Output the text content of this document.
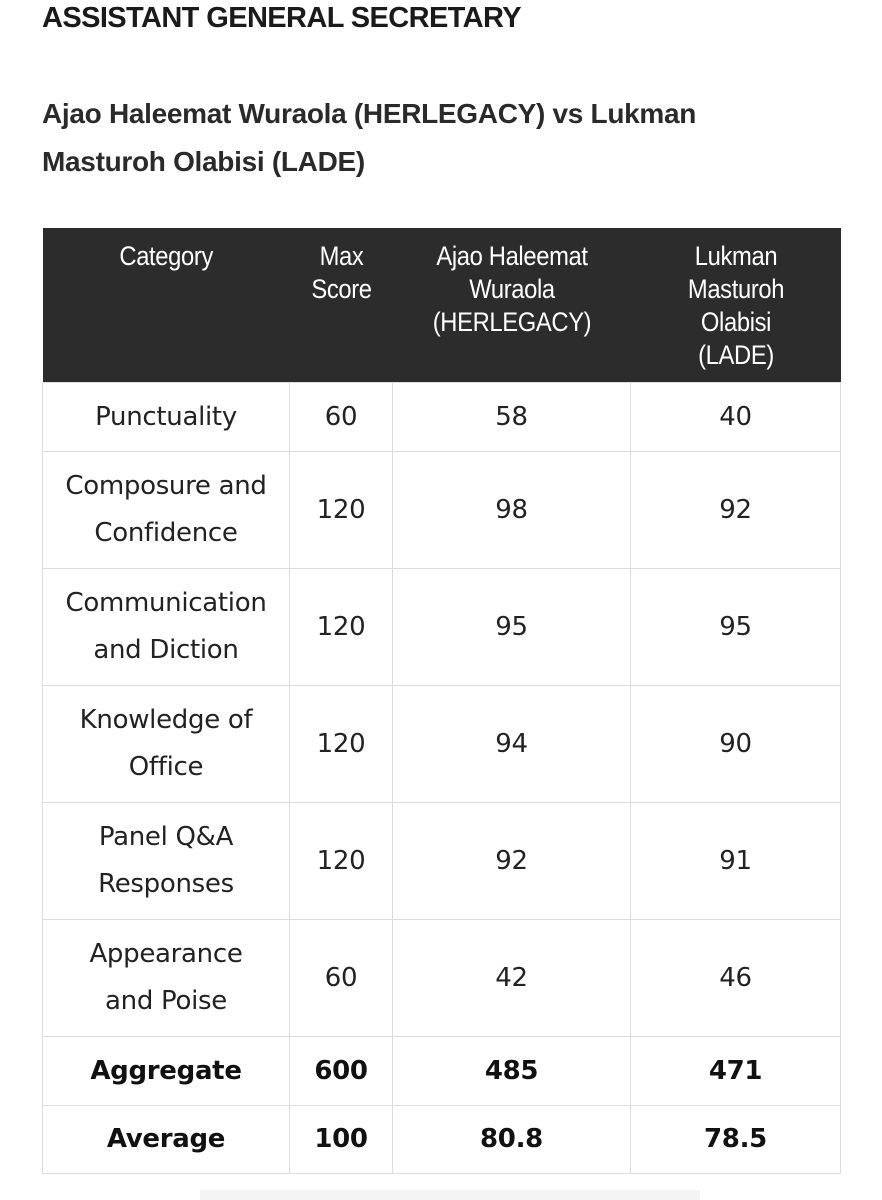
ASSISTANT GENERAL SECRETARY
Ajao Haleemat Wuraola (HERLEGACY) vs Lukman Masturoh Olabisi (LADE)
Category	Max Score	Ajao Haleemat Wuraola (HERLEGACY)	Lukman Masturoh Olabisi (LADE)
Punctuality	60	58	40
Composure and Confidence	120	98	92
Communication and Diction	120	95	95
Knowledge of Office	120	94	90
Panel Q&A Responses	120	92	91
Appearance and Poise	60	42	46
Aggregate	600	485	471
Average	100	80.8	78.5
